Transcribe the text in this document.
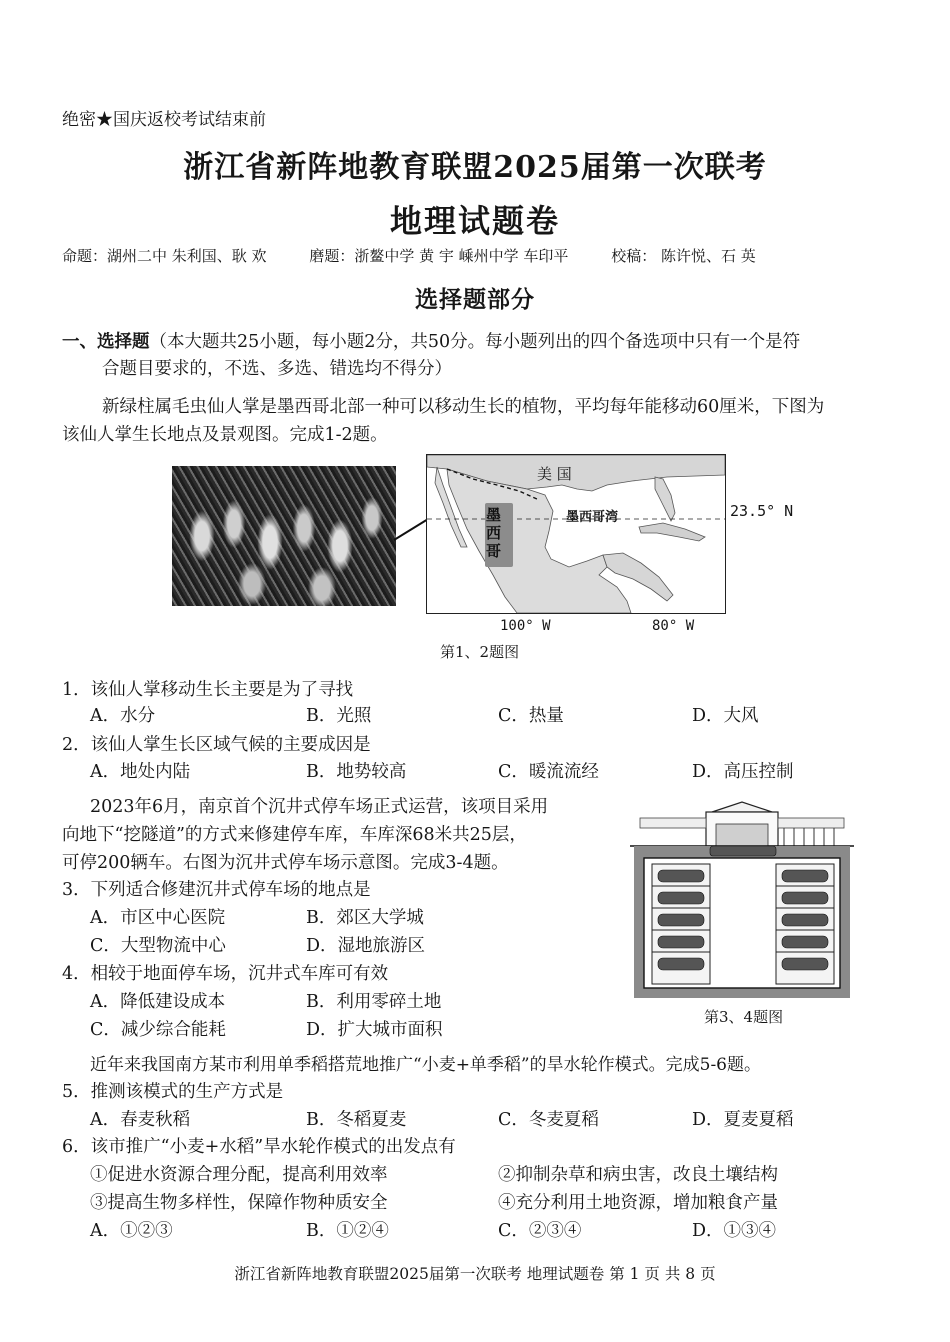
绝密★国庆返校考试结束前
浙江省新阵地教育联盟2025届第一次联考
地理试题卷
命题：湖州二中 朱利国、耿 欢	磨题：浙鳌中学 黄 宇 嵊州中学 车印平	校稿： 陈许悦、石 英
选择题部分
一、选择题（本大题共25小题，每小题2分，共50分。每小题列出的四个备选项中只有一个是符
合题目要求的，不选、多选、错选均不得分）
新绿柱属毛虫仙人掌是墨西哥北部一种可以移动生长的植物，平均每年能移动60厘米，下图为
该仙人掌生长地点及景观图。完成1-2题。
美 国
墨西哥湾
墨西哥
23.5° N
100° W	80° W
第1、2题图
1．该仙人掌移动生长主要是为了寻找
A．水分	B．光照	C．热量	D．大风
2．该仙人掌生长区域气候的主要成因是
A．地处内陆	B．地势较高	C．暖流流经	D．高压控制
2023年6月，南京首个沉井式停车场正式运营，该项目采用
向地下“挖隧道”的方式来修建停车库，车库深68米共25层，
可停200辆车。右图为沉井式停车场示意图。完成3-4题。
第3、4题图
3．下列适合修建沉井式停车场的地点是
A．市区中心医院	B．郊区大学城
C．大型物流中心	D．湿地旅游区
4．相较于地面停车场，沉井式车库可有效
A．降低建设成本	B．利用零碎土地
C．减少综合能耗	D．扩大城市面积
近年来我国南方某市利用单季稻搭荒地推广“小麦+单季稻”的旱水轮作模式。完成5-6题。
5．推测该模式的生产方式是
A．春麦秋稻	B．冬稻夏麦	C．冬麦夏稻	D．夏麦夏稻
6．该市推广“小麦+水稻”旱水轮作模式的出发点有
①促进水资源合理分配，提高利用效率	②抑制杂草和病虫害，改良土壤结构
③提高生物多样性，保障作物种质安全	④充分利用土地资源，增加粮食产量
A．①②③	B．①②④	C．②③④	D．①③④
浙江省新阵地教育联盟2025届第一次联考 地理试题卷 第 1 页 共 8 页
